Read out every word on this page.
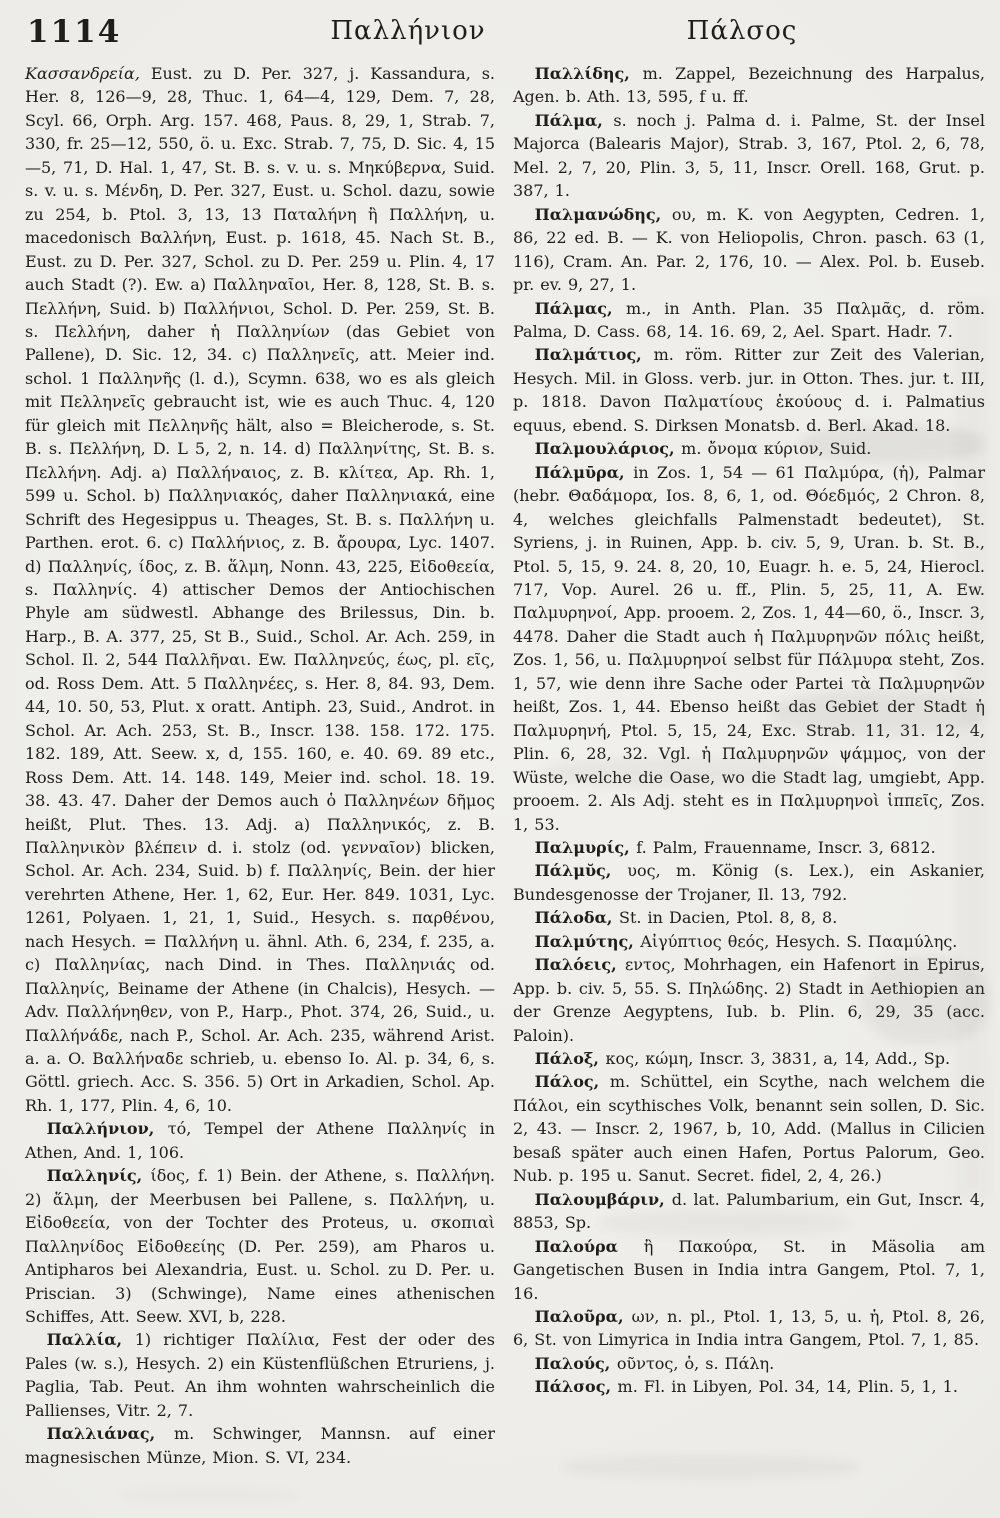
1114	Παλλήνιον	Πάλσος

Κασσανδρεία, Eust. zu D. Per. 327, j. Kassandura, s. Her. 8, 126—9, 28, Thuc. 1, 64—4, 129, Dem. 7, 28, Scyl. 66, Orph. Arg. 157. 468, Paus. 8, 29, 1, Strab. 7, 330, fr. 25—12, 550, ö. u. Exc. Strab. 7, 75, D. Sic. 4, 15—5, 71, D. Hal. 1, 47, St. B. s. v. u. s. Μηκύβερνα, Suid. s. v. u. s. Μένδη, D. Per. 327, Eust. u. Schol. dazu, sowie zu 254, b. Ptol. 3, 13, 13 Παταλήνη ἢ Παλλήνη, u. macedonisch Βαλλήνη, Eust. p. 1618, 45. Nach St. B., Eust. zu D. Per. 327, Schol. zu D. Per. 259 u. Plin. 4, 17 auch Stadt (?). Ew. a) Παλληναῖοι, Her. 8, 128, St. B. s. Πελλήνη, Suid. b) Παλλήνιοι, Schol. D. Per. 259, St. B. s. Πελλήνη, daher ἡ Παλληνίων (das Gebiet von Pallene), D. Sic. 12, 34. c) Παλληνεῖς, att. Meier ind. schol. 1 Παλληνῆς (l. d.), Scymn. 638, wo es als gleich mit Πελληνεῖς gebraucht ist, wie es auch Thuc. 4, 120 für gleich mit Πελληνῆς hält, also = Bleicherode, s. St. B. s. Πελλήνη, D. L 5, 2, n. 14. d) Παλληνίτης, St. B. s. Πελλήνη. Adj. a) Παλλήναιος, z. B. κλίτεα, Ap. Rh. 1, 599 u. Schol. b) Παλληνιακός, daher Παλληνιακά, eine Schrift des Hegesippus u. Theages, St. B. s. Παλλήνη u. Parthen. erot. 6. c) Παλλήνιος, z. B. ἄρουρα, Lyc. 1407. d) Παλληνίς, ίδος, z. B. ἅλμη, Nonn. 43, 225, Εἰδοθεεία, s. Παλληνίς. 4) attischer Demos der Antiochischen Phyle am südwestl. Abhange des Brilessus, Din. b. Harp., B. A. 377, 25, St B., Suid., Schol. Ar. Ach. 259, in Schol. Il. 2, 544 Παλλῆναι. Ew. Παλληνεύς, έως, pl. εῖς, od. Ross Dem. Att. 5 Παλληνέες, s. Her. 8, 84. 93, Dem. 44, 10. 50, 53, Plut. x oratt. Antiph. 23, Suid., Androt. in Schol. Ar. Ach. 253, St. B., Inscr. 138. 158. 172. 175. 182. 189, Att. Seew. x, d, 155. 160, e. 40. 69. 89 etc., Ross Dem. Att. 14. 148. 149, Meier ind. schol. 18. 19. 38. 43. 47. Daher der Demos auch ὁ Παλληνέων δῆμος heißt, Plut. Thes. 13. Adj. a) Παλληνικός, z. B. Παλληνικὸν βλέπειν d. i. stolz (od. γενναῖον) blicken, Schol. Ar. Ach. 234, Suid. b) f. Παλληνίς, Bein. der hier verehrten Athene, Her. 1, 62, Eur. Her. 849. 1031, Lyc. 1261, Polyaen. 1, 21, 1, Suid., Hesych. s. παρθένου, nach Hesych. = Παλλήνη u. ähnl. Ath. 6, 234, f. 235, a. c) Παλληνίας, nach Dind. in Thes. Παλληνιάς od. Παλληνίς, Beiname der Athene (in Chalcis), Hesych. — Adv. Παλλήνηθεν, von P., Harp., Phot. 374, 26, Suid., u. Παλλήνάδε, nach P., Schol. Ar. Ach. 235, während Arist. a. a. O. Βαλλήναδε schrieb, u. ebenso Io. Al. p. 34, 6, s. Göttl. griech. Acc. S. 356. 5) Ort in Arkadien, Schol. Ap. Rh. 1, 177, Plin. 4, 6, 10.

Παλλήνιον, τό, Tempel der Athene Παλληνίς in Athen, And. 1, 106.

Παλληνίς, ίδος, f. 1) Bein. der Athene, s. Παλλήνη. 2) ἅλμη, der Meerbusen bei Pallene, s. Παλλήνη, u. Εἰδοθεεία, von der Tochter des Proteus, u. σκοπιαὶ Παλληνίδος Εἰδοθεείης (D. Per. 259), am Pharos u. Antipharos bei Alexandria, Eust. u. Schol. zu D. Per. u. Priscian. 3) (Schwinge), Name eines athenischen Schiffes, Att. Seew. XVI, b, 228.

Παλλία, 1) richtiger Παλίλια, Fest der oder des Pales (w. s.), Hesych. 2) ein Küstenflüßchen Etruriens, j. Paglia, Tab. Peut. An ihm wohnten wahrscheinlich die Pallienses, Vitr. 2, 7.

Παλλιάνας, m. Schwinger, Mannsn. auf einer magnesischen Münze, Mion. S. VI, 234.

Παλλίδης, m. Zappel, Bezeichnung des Harpalus, Agen. b. Ath. 13, 595, f u. ff.

Πάλμα, s. noch j. Palma d. i. Palme, St. der Insel Majorca (Balearis Major), Strab. 3, 167, Ptol. 2, 6, 78, Mel. 2, 7, 20, Plin. 3, 5, 11, Inscr. Orell. 168, Grut. p. 387, 1.

Παλμανώδης, ου, m. K. von Aegypten, Cedren. 1, 86, 22 ed. B. — K. von Heliopolis, Chron. pasch. 63 (1, 116), Cram. An. Par. 2, 176, 10. — Alex. Pol. b. Euseb. pr. ev. 9, 27, 1.

Πάλμας, m., in Anth. Plan. 35 Παλμᾶς, d. röm. Palma, D. Cass. 68, 14. 16. 69, 2, Ael. Spart. Hadr. 7.

Παλμάτιος, m. röm. Ritter zur Zeit des Valerian, Hesych. Mil. in Gloss. verb. jur. in Otton. Thes. jur. t. III, p. 1818. Davon Παλματίους ἑκούους d. i. Palmatius equus, ebend. S. Dirksen Monatsb. d. Berl. Akad. 18.

Παλμουλάριος, m. ὄνομα κύριον, Suid.

Πάλμῡρα, in Zos. 1, 54 — 61 Παλμύρα, (ἡ), Palmar (hebr. Θαδάμορα, Ios. 8, 6, 1, od. Θόεδμός, 2 Chron. 8, 4, welches gleichfalls Palmenstadt bedeutet), St. Syriens, j. in Ruinen, App. b. civ. 5, 9, Uran. b. St. B., Ptol. 5, 15, 9. 24. 8, 20, 10, Euagr. h. e. 5, 24, Hierocl. 717, Vop. Aurel. 26 u. ff., Plin. 5, 25, 11, A. Ew. Παλμυρηνοί, App. prooem. 2, Zos. 1, 44—60, ö., Inscr. 3, 4478. Daher die Stadt auch ἡ Παλμυρηνῶν πόλις heißt, Zos. 1, 56, u. Παλμυρηνοί selbst für Πάλμυρα steht, Zos. 1, 57, wie denn ihre Sache oder Partei τὰ Παλμυρηνῶν heißt, Zos. 1, 44. Ebenso heißt das Gebiet der Stadt ἡ Παλμυρηνή, Ptol. 5, 15, 24, Exc. Strab. 11, 31. 12, 4, Plin. 6, 28, 32. Vgl. ἡ Παλμυρηνῶν ψάμμος, von der Wüste, welche die Oase, wo die Stadt lag, umgiebt, App. prooem. 2. Als Adj. steht es in Παλμυρηνοὶ ἱππεῖς, Zos. 1, 53.

Παλμυρίς, f. Palm, Frauenname, Inscr. 3, 6812.

Πάλμῠς, υος, m. König (s. Lex.), ein Askanier, Bundesgenosse der Trojaner, Il. 13, 792.

Πάλοδα, St. in Dacien, Ptol. 8, 8, 8.

Παλμύτης, Αἰγύπτιος θεός, Hesych. S. Πααμύλης.

Παλόεις, εντος, Mohrhagen, ein Hafenort in Epirus, App. b. civ. 5, 55. S. Πηλώδης. 2) Stadt in Aethiopien an der Grenze Aegyptens, Iub. b. Plin. 6, 29, 35 (acc. Paloin).

Πάλοξ, κος, κώμη, Inscr. 3, 3831, a, 14, Add., Sp.

Πάλος, m. Schüttel, ein Scythe, nach welchem die Πάλοι, ein scythisches Volk, benannt sein sollen, D. Sic. 2, 43. — Inscr. 2, 1967, b, 10, Add. (Mallus in Cilicien besaß später auch einen Hafen, Portus Palorum, Geo. Nub. p. 195 u. Sanut. Secret. fidel, 2, 4, 26.)

Παλουμβάριν, d. lat. Palumbarium, ein Gut, Inscr. 4, 8853, Sp.

Παλούρα ἢ Πακούρα, St. in Mäsolia am Gangetischen Busen in India intra Gangem, Ptol. 7, 1, 16.

Παλοῦρα, ων, n. pl., Ptol. 1, 13, 5, u. ἡ, Ptol. 8, 26, 6, St. von Limyrica in India intra Gangem, Ptol. 7, 1, 85.

Παλούς, οῦντος, ὁ, s. Πάλη.

Πάλσος, m. Fl. in Libyen, Pol. 34, 14, Plin. 5, 1, 1.
